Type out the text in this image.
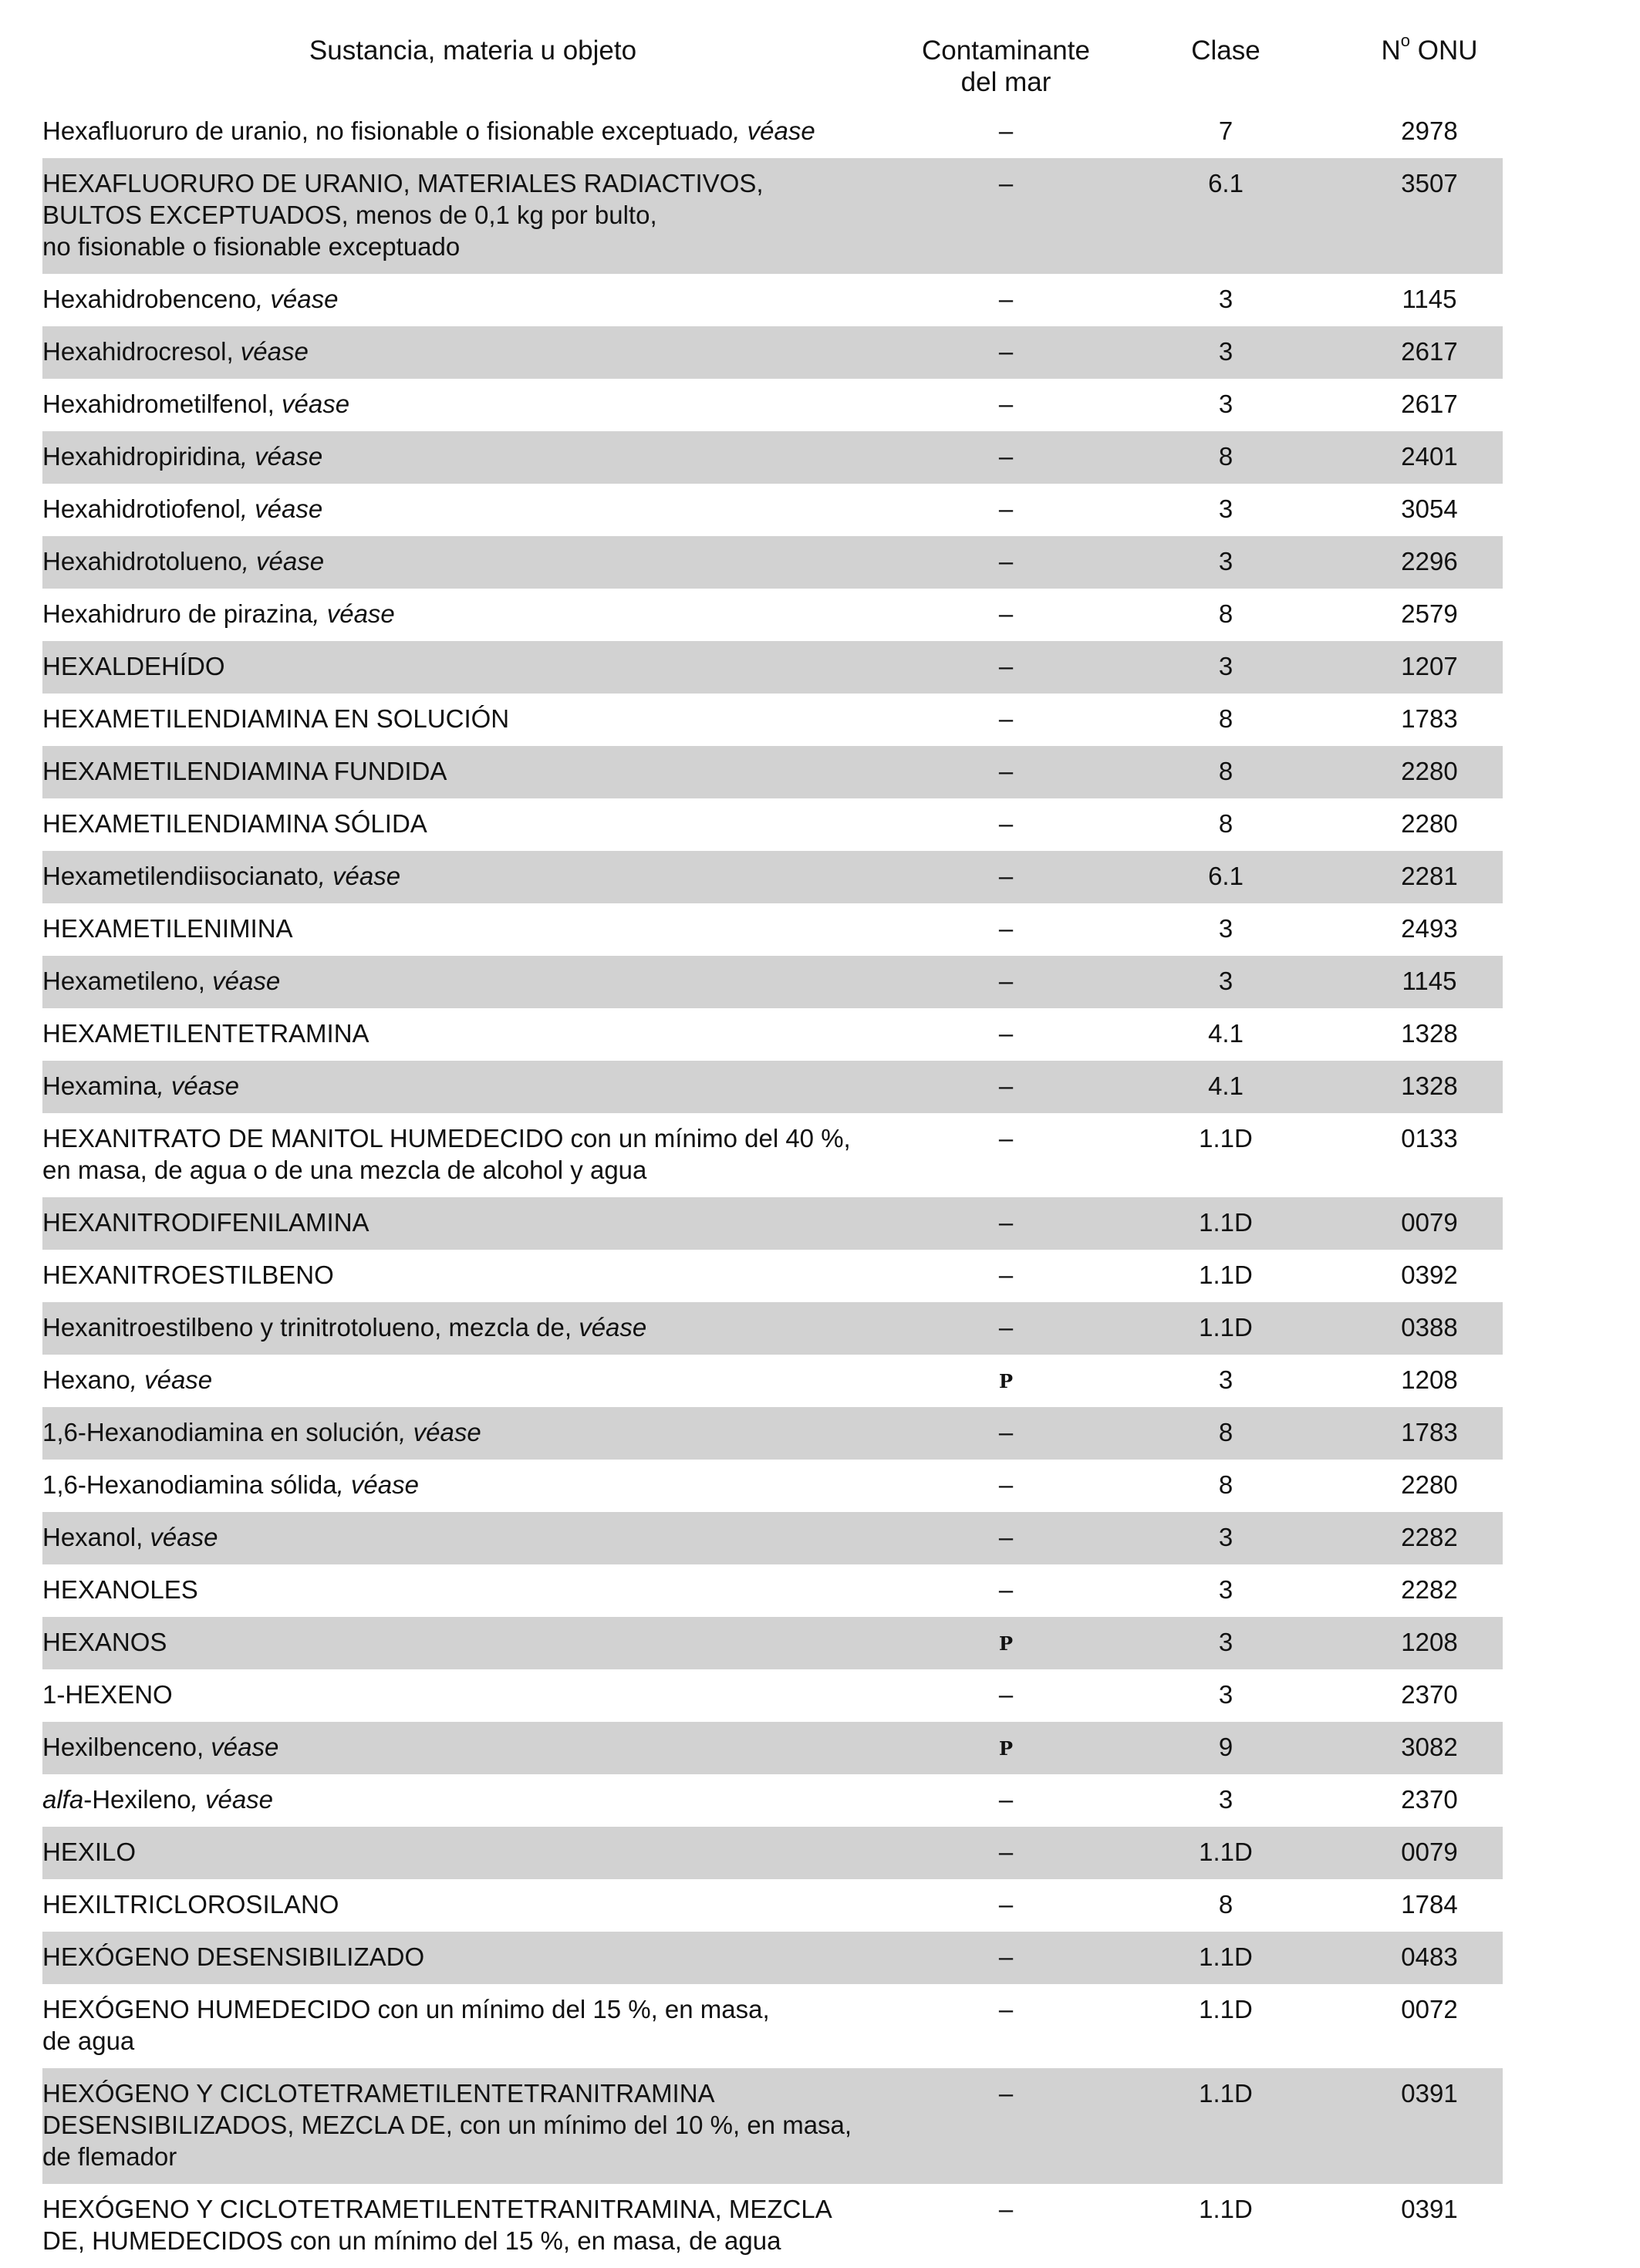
Sustancia, materia u objeto	Contaminante
del mar
Clase	$N^o$ ONU
Hexafluoruro de uranio, no fisionable o fisionable exceptuado, véase	–	7	2978
HEXAFLUORURO DE URANIO, MATERIALES RADIACTIVOS,
BULTOS EXCEPTUADOS, menos de 0,1 kg por bulto,
no fisionable o fisionable exceptuado
–	6.1	3507
Hexahidrobenceno, véase	–	3	1145
Hexahidrocresol, véase	–	3	2617
Hexahidrometilfenol, véase	–	3	2617
Hexahidropiridina, véase	–	8	2401
Hexahidrotiofenol, véase	–	3	3054
Hexahidrotolueno, véase	–	3	2296
Hexahidruro de pirazina, véase	–	8	2579
HEXALDEHÍDO	–	3	1207
HEXAMETILENDIAMINA EN SOLUCIÓN	–	8	1783
HEXAMETILENDIAMINA FUNDIDA	–	8	2280
HEXAMETILENDIAMINA SÓLIDA	–	8	2280
Hexametilendiisocianato, véase	–	6.1	2281
HEXAMETILENIMINA	–	3	2493
Hexametileno, véase	–	3	1145
HEXAMETILENTETRAMINA	–	4.1	1328
Hexamina, véase	–	4.1	1328
HEXANITRATO DE MANITOL HUMEDECIDO con un mínimo del 40 %,
en masa, de agua o de una mezcla de alcohol y agua
–	1.1D	0133
HEXANITRODIFENILAMINA	–	1.1D	0079
HEXANITROESTILBENO	–	1.1D	0392
Hexanitroestilbeno y trinitrotolueno, mezcla de, véase	–	1.1D	0388
Hexano, véase	P	3	1208
1,6-Hexanodiamina en solución, véase	–	8	1783
1,6-Hexanodiamina sólida, véase	–	8	2280
Hexanol, véase	–	3	2282
HEXANOLES	–	3	2282
HEXANOS	P	3	1208
1-HEXENO	–	3	2370
Hexilbenceno, véase	P	9	3082
alfa-Hexileno, véase	–	3	2370
HEXILO	–	1.1D	0079
HEXILTRICLOROSILANO	–	8	1784
HEXÓGENO DESENSIBILIZADO	–	1.1D	0483
HEXÓGENO HUMEDECIDO con un mínimo del 15 %, en masa,
de agua
–	1.1D	0072
HEXÓGENO Y CICLOTETRAMETILENTETRANITRAMINA
DESENSIBILIZADOS, MEZCLA DE, con un mínimo del 10 %, en masa,
de flemador
–	1.1D	0391
HEXÓGENO Y CICLOTETRAMETILENTETRANITRAMINA, MEZCLA
DE, HUMEDECIDOS con un mínimo del 15 %, en masa, de agua
–	1.1D	0391
